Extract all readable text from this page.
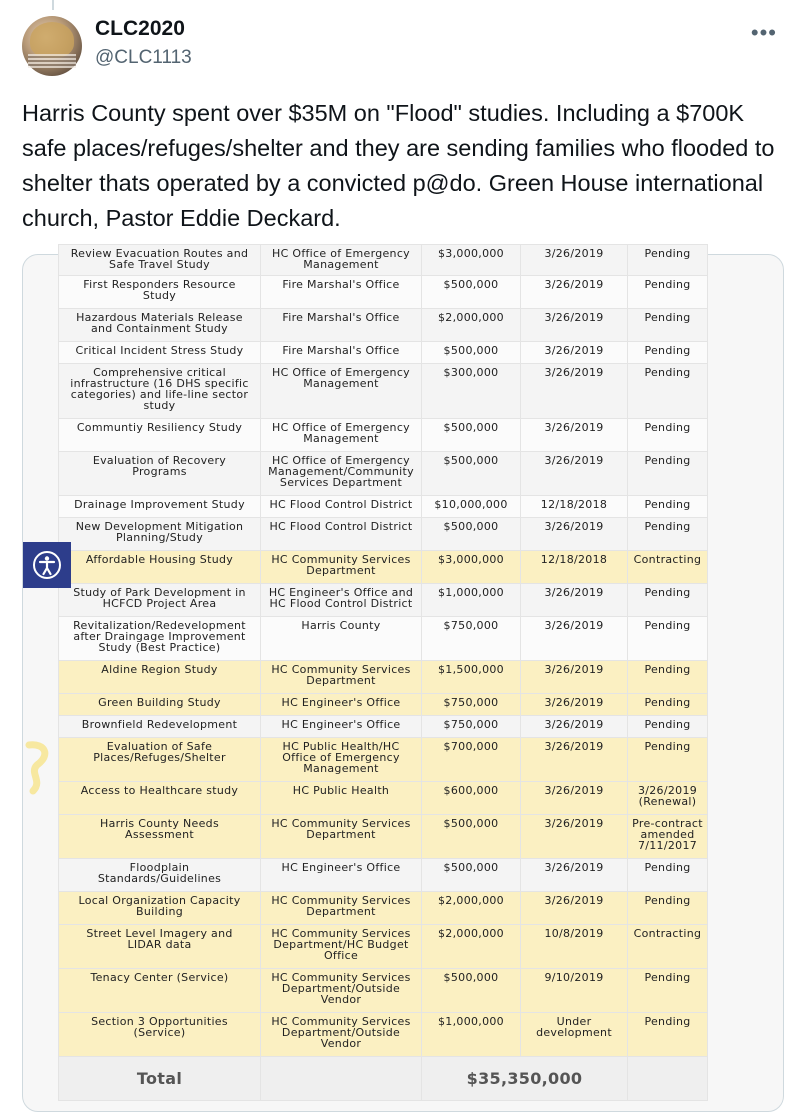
CLC2020
@CLC1113
•••
Harris County spent over $35M on "Flood" studies. Including a $700K safe places/refuges/shelter and they are sending families who flooded to shelter thats operated by a convicted p@do. Green House international church, Pastor Eddie Deckard.
Review Evacuation Routes and
Safe Travel Study	HC Office of Emergency
Management	$3,000,000	3/26/2019	Pending
First Responders Resource
Study	Fire Marshal's Office	$500,000	3/26/2019	Pending
Hazardous Materials Release
and Containment Study	Fire Marshal's Office	$2,000,000	3/26/2019	Pending
Critical Incident Stress Study	Fire Marshal's Office	$500,000	3/26/2019	Pending
Comprehensive critical
infrastructure (16 DHS specific
categories) and life-line sector
study	HC Office of Emergency
Management	$300,000	3/26/2019	Pending
Communtiy Resiliency Study	HC Office of Emergency
Management	$500,000	3/26/2019	Pending
Evaluation of Recovery
Programs	HC Office of Emergency
Management/Community
Services Department	$500,000	3/26/2019	Pending
Drainage Improvement Study	HC Flood Control District	$10,000,000	12/18/2018	Pending
New Development Mitigation
Planning/Study	HC Flood Control District	$500,000	3/26/2019	Pending
Affordable Housing Study	HC Community Services
Department	$3,000,000	12/18/2018	Contracting
Study of Park Development in
HCFCD Project Area	HC Engineer's Office and
HC Flood Control District	$1,000,000	3/26/2019	Pending
Revitalization/Redevelopment
after Draingage Improvement
Study (Best Practice)	Harris County	$750,000	3/26/2019	Pending
Aldine Region Study	HC Community Services
Department	$1,500,000	3/26/2019	Pending
Green Building Study	HC Engineer's Office	$750,000	3/26/2019	Pending
Brownfield Redevelopment	HC Engineer's Office	$750,000	3/26/2019	Pending
Evaluation of Safe
Places/Refuges/Shelter	HC Public Health/HC
Office of Emergency
Management	$700,000	3/26/2019	Pending
Access to Healthcare study	HC Public Health	$600,000	3/26/2019	3/26/2019
(Renewal)
Harris County Needs
Assessment	HC Community Services
Department	$500,000	3/26/2019	Pre-contract
amended
7/11/2017
Floodplain
Standards/Guidelines	HC Engineer's Office	$500,000	3/26/2019	Pending
Local Organization Capacity
Building	HC Community Services
Department	$2,000,000	3/26/2019	Pending
Street Level Imagery and
LIDAR data	HC Community Services
Department/HC Budget
Office	$2,000,000	10/8/2019	Contracting
Tenacy Center (Service)	HC Community Services
Department/Outside
Vendor	$500,000	9/10/2019	Pending
Section 3 Opportunities
(Service)	HC Community Services
Department/Outside
Vendor	$1,000,000	Under
development	Pending
Total		$35,350,000		
